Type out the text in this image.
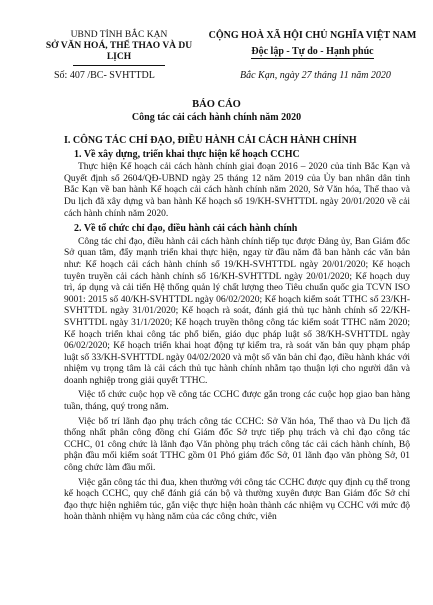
UBND TỈNH BẮC KẠN
SỞ VĂN HOÁ, THỂ THAO VÀ DU LỊCH
CỘNG HOÀ XÃ HỘI CHỦ NGHĨA VIỆT NAM
Độc lập - Tự do - Hạnh phúc
Số: 407 /BC- SVHTTDL	Bắc Kạn, ngày 27 tháng 11 năm 2020
BÁO CÁO
Công tác cải cách hành chính năm 2020
I. CÔNG TÁC CHỈ ĐẠO, ĐIỀU HÀNH CẢI CÁCH HÀNH CHÍNH
1. Về xây dựng, triển khai thực hiện kế hoạch CCHC

Thực hiện Kế hoạch cải cách hành chính giai đoạn 2016 – 2020 của tỉnh Bắc Kạn và Quyết định số 2604/QĐ-UBND ngày 25 tháng 12 năm 2019 của Ủy ban nhân dân tỉnh Bắc Kạn về ban hành Kế hoạch cải cách hành chính năm 2020, Sở Văn hóa, Thể thao và Du lịch đã xây dựng và ban hành Kế hoạch số 19/KH-SVHTTDL ngày 20/01/2020 về cải cách hành chính năm 2020.

2. Về tổ chức chỉ đạo, điều hành cải cách hành chính

Công tác chỉ đạo, điều hành cải cách hành chính tiếp tục được Đảng ủy, Ban Giám đốc Sở quan tâm, đẩy mạnh triển khai thực hiện, ngay từ đầu năm đã ban hành các văn bản như: Kế hoạch cải cách hành chính số 19/KH-SVHTTDL ngày 20/01/2020; Kế hoạch tuyên truyền cải cách hành chính số 16/KH-SVHTTDL ngày 20/01/2020; Kế hoạch duy trì, áp dụng và cải tiến Hệ thống quản lý chất lượng theo Tiêu chuẩn quốc gia TCVN ISO 9001: 2015 số 40/KH-SVHTTDL ngày 06/02/2020; Kế hoạch kiểm soát TTHC số 23/KH-SVHTTDL ngày 31/01/2020; Kế hoạch rà soát, đánh giá thủ tục hành chính số 22/KH-SVHTTDL ngày 31/1/2020; Kế hoạch truyền thông công tác kiểm soát TTHC năm 2020; Kế hoạch triển khai công tác phổ biến, giáo dục pháp luật số 38/KH-SVHTTDL ngày 06/02/2020; Kế hoạch triển khai hoạt động tự kiểm tra, rà soát văn bản quy phạm pháp luật số 33/KH-SVHTTDL ngày 04/02/2020 và một số văn bản chỉ đạo, điều hành khác với nhiệm vụ trọng tâm là cải cách thủ tục hành chính nhằm tạo thuận lợi cho người dân và doanh nghiệp trong giải quyết TTHC.

Việc tổ chức cuộc họp về công tác CCHC được gắn trong các cuộc họp giao ban hàng tuần, tháng, quý trong năm.

Việc bố trí lãnh đạo phụ trách công tác CCHC: Sở Văn hóa, Thể thao và Du lịch đã thống nhất phân công đồng chí Giám đốc Sở trực tiếp phụ trách và chỉ đạo công tác CCHC, 01 công chức là lãnh đạo Văn phòng phụ trách công tác cải cách hành chính, Bộ phận đầu mối kiểm soát TTHC gồm 01 Phó giám đốc Sở, 01 lãnh đạo văn phòng Sở, 01 công chức làm đầu mối.

Việc gắn công tác thi đua, khen thưởng với công tác CCHC được quy định cụ thể trong kế hoạch CCHC, quy chế đánh giá cán bộ và thường xuyên được Ban Giám đốc Sở chỉ đạo thực hiện nghiêm túc, gắn việc thực hiện hoàn thành các nhiệm vụ CCHC với mức độ hoàn thành nhiệm vụ hàng năm của các công chức, viên
